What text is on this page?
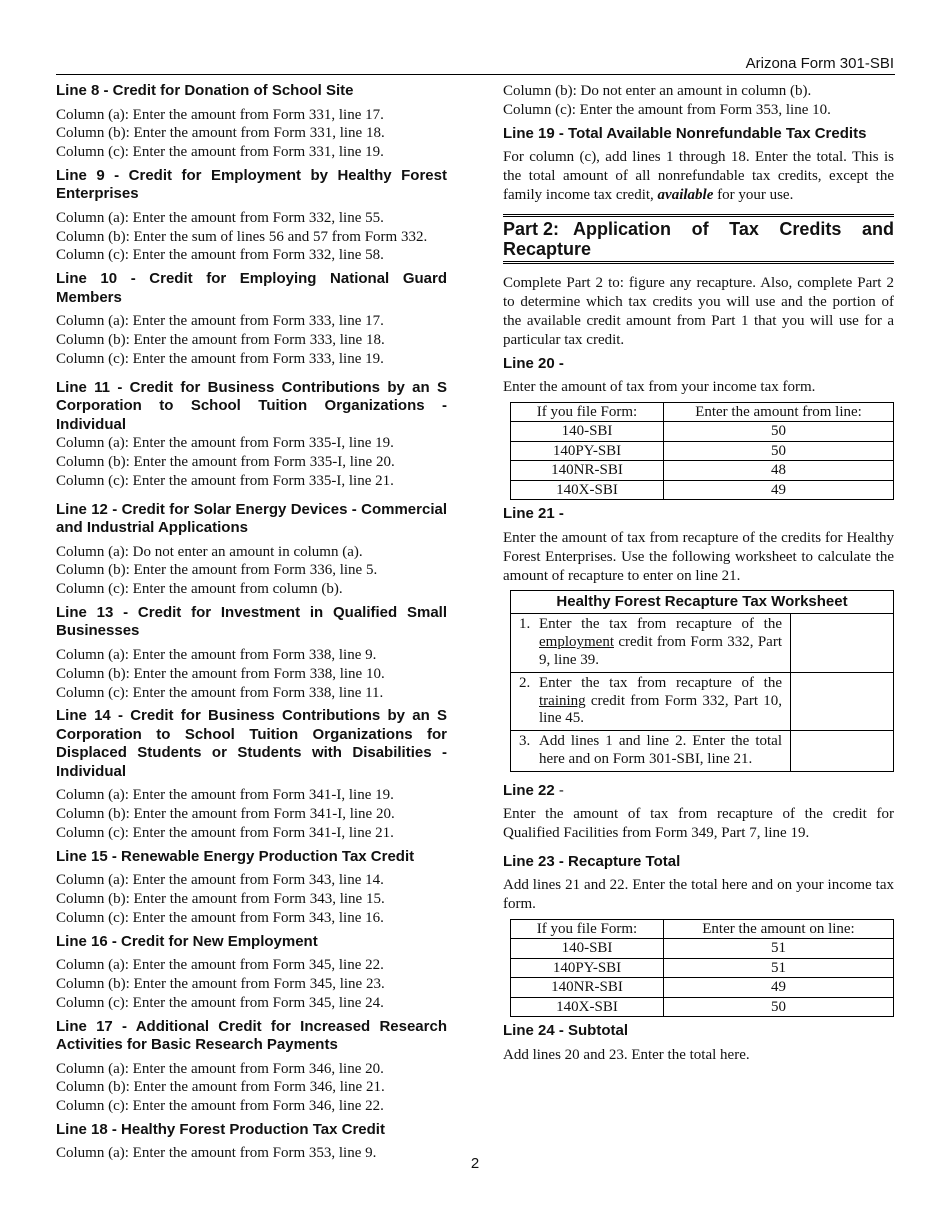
Arizona Form 301-SBI

Line 8 - Credit for Donation of School Site

Column (a): Enter the amount from Form 331, line 17.

Column (b): Enter the amount from Form 331, line 18.

Column (c): Enter the amount from Form 331, line 19.

Line 9 - Credit for Employment by Healthy Forest Enterprises

Column (a): Enter the amount from Form 332, line 55.

Column (b): Enter the sum of lines 56 and 57 from Form 332.

Column (c): Enter the amount from Form 332, line 58.

Line 10 - Credit for Employing National Guard Members

Column (a): Enter the amount from Form 333, line 17.

Column (b): Enter the amount from Form 333, line 18.

Column (c): Enter the amount from Form 333, line 19.

Line 11 - Credit for Business Contributions by an S Corporation to School Tuition Organizations - Individual

Column (a): Enter the amount from Form 335-I, line 19.

Column (b): Enter the amount from Form 335-I, line 20.

Column (c): Enter the amount from Form 335-I, line 21.

Line 12 - Credit for Solar Energy Devices - Commercial and Industrial Applications

Column (a): Do not enter an amount in column (a).

Column (b): Enter the amount from Form 336, line 5.

Column (c): Enter the amount from column (b).

Line 13 - Credit for Investment in Qualified Small Businesses

Column (a): Enter the amount from Form 338, line 9.

Column (b): Enter the amount from Form 338, line 10.

Column (c): Enter the amount from Form 338, line 11.

Line 14 - Credit for Business Contributions by an S Corporation to School Tuition Organizations for Displaced Students or Students with Disabilities - Individual

Column (a): Enter the amount from Form 341-I, line 19.

Column (b): Enter the amount from Form 341-I, line 20.

Column (c): Enter the amount from Form 341-I, line 21.

Line 15 - Renewable Energy Production Tax Credit

Column (a): Enter the amount from Form 343, line 14.

Column (b): Enter the amount from Form 343, line 15.

Column (c): Enter the amount from Form 343, line 16.

Line 16 - Credit for New Employment

Column (a): Enter the amount from Form 345, line 22.

Column (b): Enter the amount from Form 345, line 23.

Column (c): Enter the amount from Form 345, line 24.

Line 17 - Additional Credit for Increased Research Activities for Basic Research Payments

Column (a): Enter the amount from Form 346, line 20.

Column (b): Enter the amount from Form 346, line 21.

Column (c): Enter the amount from Form 346, line 22.

Line 18 - Healthy Forest Production Tax Credit

Column (a): Enter the amount from Form 353, line 9.

Column (b): Do not enter an amount in column (b).

Column (c): Enter the amount from Form 353, line 10.

Line 19 - Total Available Nonrefundable Tax Credits

For column (c), add lines 1 through 18. Enter the total. This is the total amount of all nonrefundable tax credits, except the family income tax credit, available for your use.

Part 2: Application of Tax Credits and
Recapture

Complete Part 2 to: figure any recapture. Also, complete Part 2 to determine which tax credits you will use and the portion of the available credit amount from Part 1 that you will use for a particular tax credit.

Line 20 -

Enter the amount of tax from your income tax form.

If you file Form:	Enter the amount from line:
140-SBI	50
140PY-SBI	50
140NR-SBI	48
140X-SBI	49

Line 21 -

Enter the amount of tax from recapture of the credits for Healthy Forest Enterprises. Use the following worksheet to calculate the amount of recapture to enter on line 21.

Healthy Forest Recapture Tax Worksheet	

1. Enter the tax from recapture of the employment credit from Form 332, Part 9, line 39.	

2. Enter the tax from recapture of the training credit from Form 332, Part 10, line 45.	

3. Add lines 1 and line 2. Enter the total here and on Form 301-SBI, line 21.	

Line 22 -

Enter the amount of tax from recapture of the credit for Qualified Facilities from Form 349, Part 7, line 19.

Line 23 - Recapture Total

Add lines 21 and 22. Enter the total here and on your income tax form.

If you file Form:	Enter the amount on line:
140-SBI	51
140PY-SBI	51
140NR-SBI	49
140X-SBI	50

Line 24 - Subtotal

Add lines 20 and 23. Enter the total here.

2
